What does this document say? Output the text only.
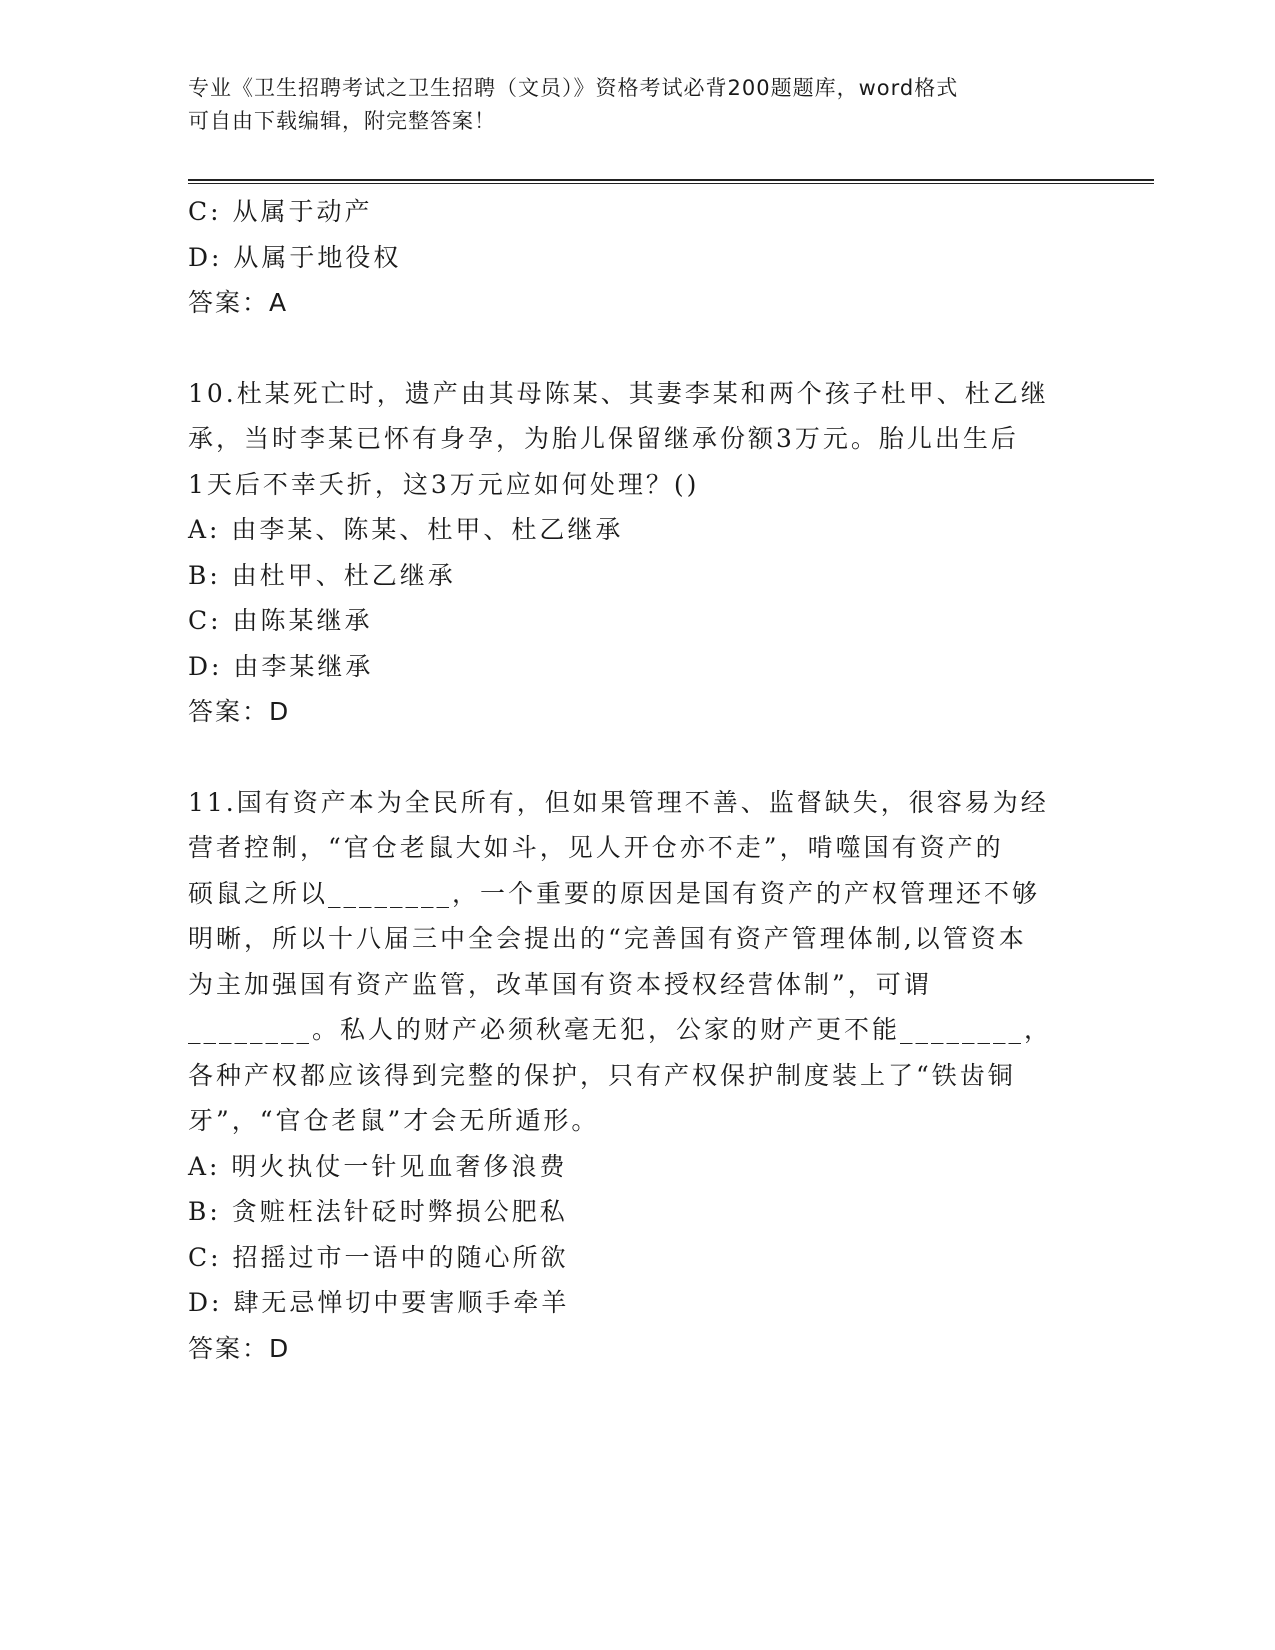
专业《卫生招聘考试之卫生招聘（文员）》资格考试必背200题题库，word格式
可自由下载编辑，附完整答案！
C: 从属于动产
D: 从属于地役权
答案：A
10.杜某死亡时，遗产由其母陈某、其妻李某和两个孩子杜甲、杜乙继
承，当时李某已怀有身孕，为胎儿保留继承份额3万元。胎儿出生后
1天后不幸夭折，这3万元应如何处理？()
A: 由李某、陈某、杜甲、杜乙继承
B: 由杜甲、杜乙继承
C: 由陈某继承
D: 由李某继承
答案：D
11.国有资产本为全民所有，但如果管理不善、监督缺失，很容易为经
营者控制，“官仓老鼠大如斗，见人开仓亦不走”，啃噬国有资产的
硕鼠之所以________，一个重要的原因是国有资产的产权管理还不够
明晰，所以十八届三中全会提出的“完善国有资产管理体制,以管资本
为主加强国有资产监管，改革国有资本授权经营体制”，可谓
________。私人的财产必须秋毫无犯，公家的财产更不能________，
各种产权都应该得到完整的保护，只有产权保护制度装上了“铁齿铜
牙”，“官仓老鼠”才会无所遁形。
A: 明火执仗一针见血奢侈浪费
B: 贪赃枉法针砭时弊损公肥私
C: 招摇过市一语中的随心所欲
D: 肆无忌惮切中要害顺手牵羊
答案：D
